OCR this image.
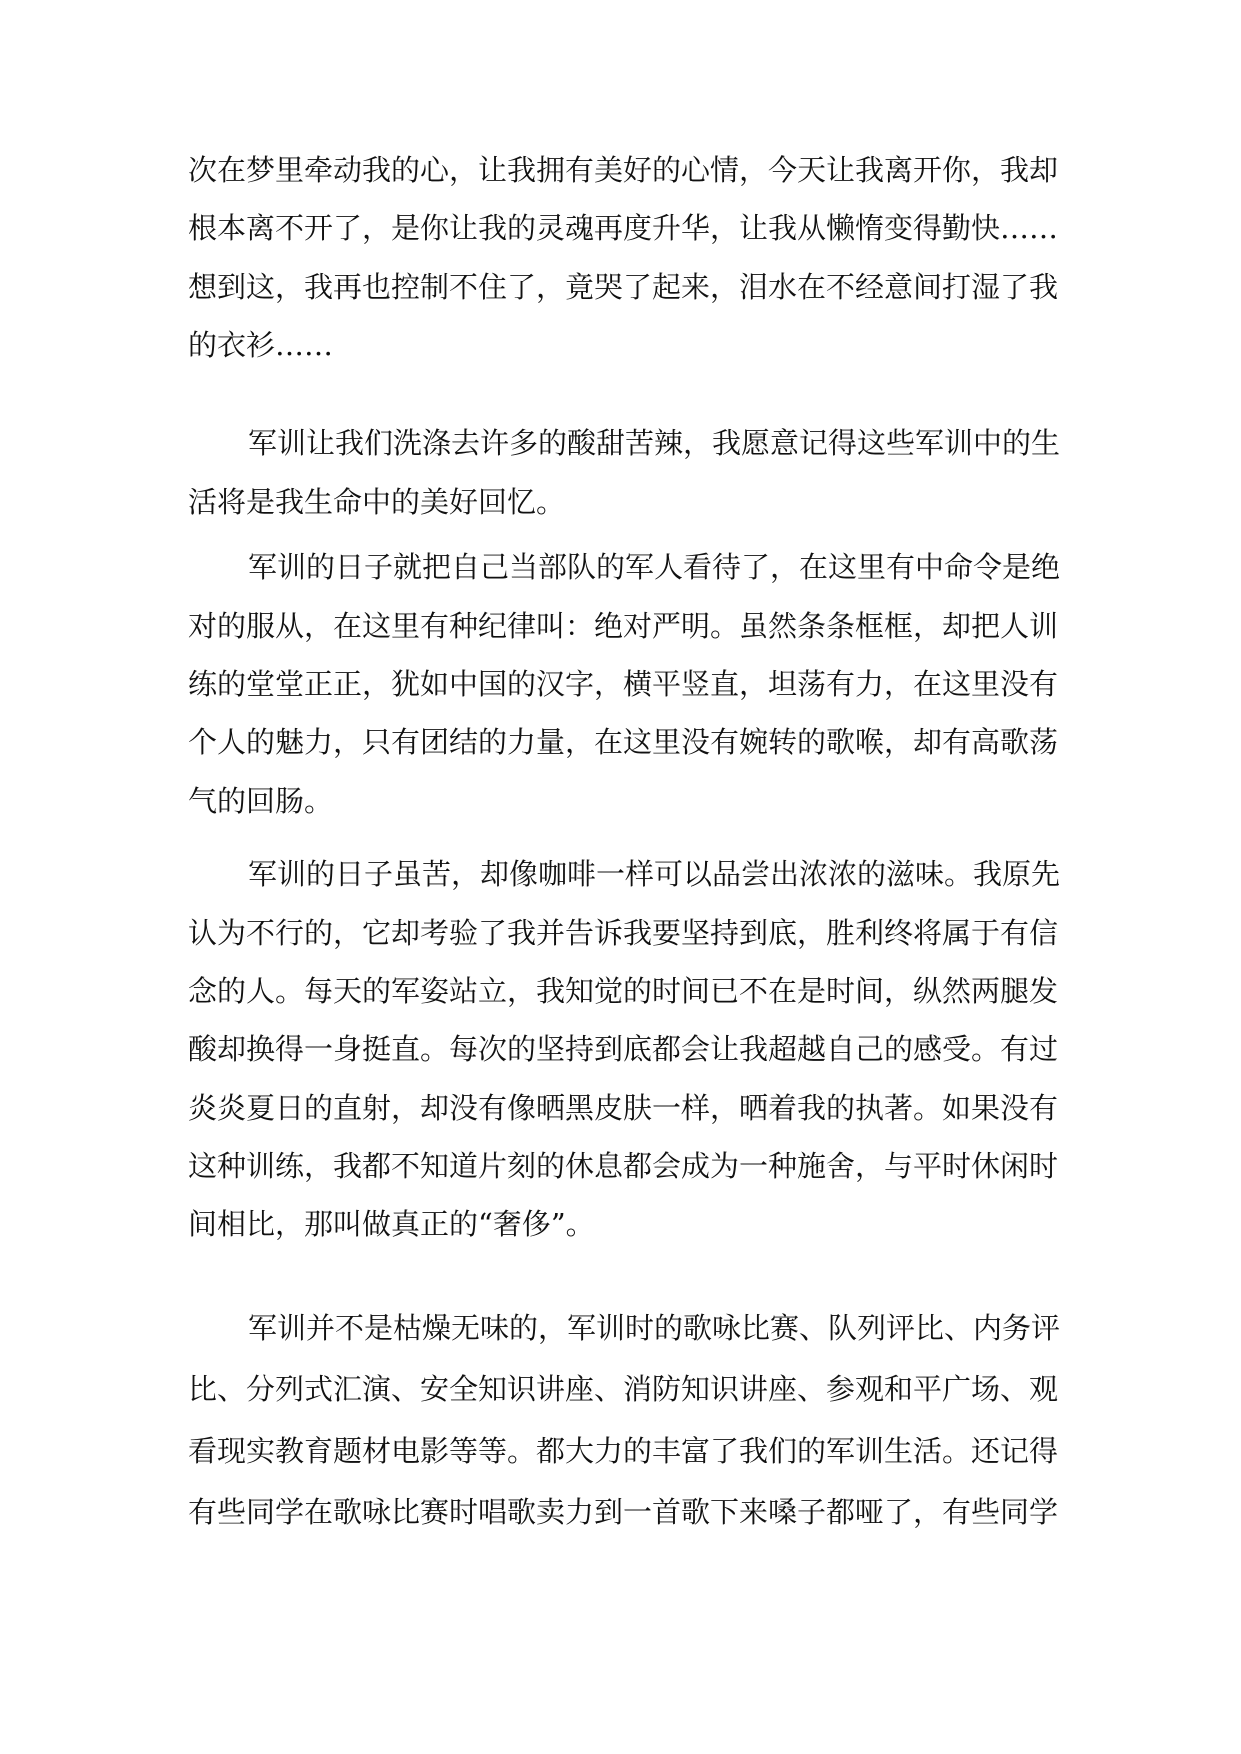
次在梦里牵动我的心，让我拥有美好的心情，今天让我离开你，我却

根本离不开了，是你让我的灵魂再度升华，让我从懒惰变得勤快……

想到这，我再也控制不住了，竟哭了起来，泪水在不经意间打湿了我

的衣衫……

军训让我们洗涤去许多的酸甜苦辣，我愿意记得这些军训中的生

活将是我生命中的美好回忆。

军训的日子就把自己当部队的军人看待了，在这里有中命令是绝

对的服从，在这里有种纪律叫：绝对严明。虽然条条框框，却把人训

练的堂堂正正，犹如中国的汉字，横平竖直，坦荡有力，在这里没有

个人的魅力，只有团结的力量，在这里没有婉转的歌喉，却有高歌荡

气的回肠。

军训的日子虽苦，却像咖啡一样可以品尝出浓浓的滋味。我原先

认为不行的，它却考验了我并告诉我要坚持到底，胜利终将属于有信

念的人。每天的军姿站立，我知觉的时间已不在是时间，纵然两腿发

酸却换得一身挺直。每次的坚持到底都会让我超越自己的感受。有过

炎炎夏日的直射，却没有像晒黑皮肤一样，晒着我的执著。如果没有

这种训练，我都不知道片刻的休息都会成为一种施舍，与平时休闲时

间相比，那叫做真正的“奢侈”。

军训并不是枯燥无味的，军训时的歌咏比赛、队列评比、内务评

比、分列式汇演、安全知识讲座、消防知识讲座、参观和平广场、观

看现实教育题材电影等等。都大力的丰富了我们的军训生活。还记得

有些同学在歌咏比赛时唱歌卖力到一首歌下来嗓子都哑了，有些同学
